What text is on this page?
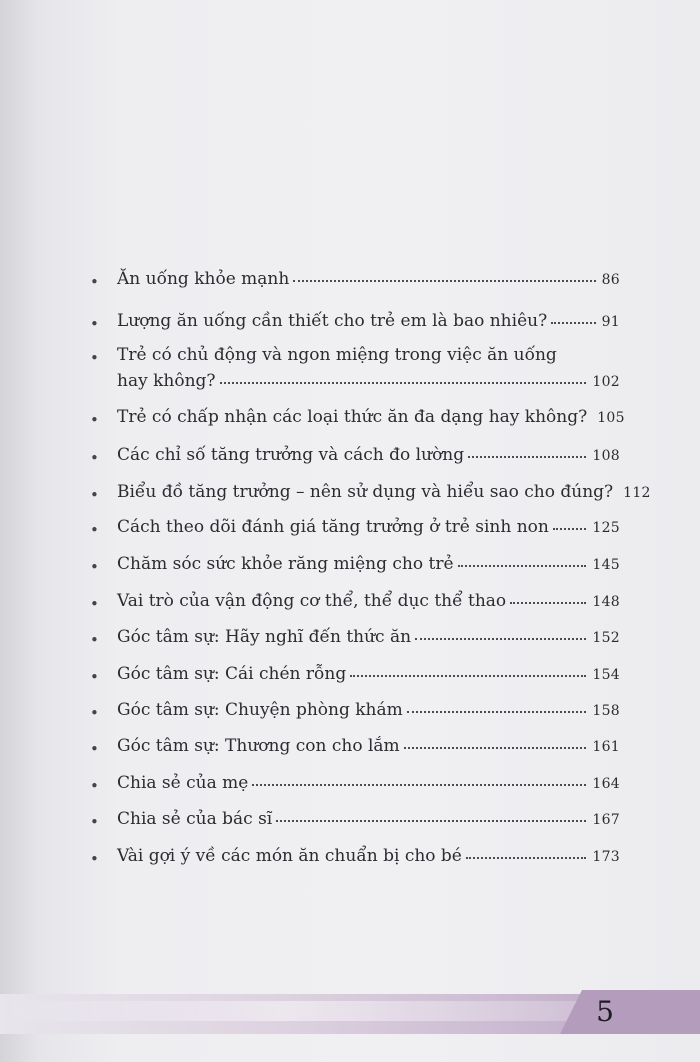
• Ăn uống khỏe mạnh	86
• Lượng ăn uống cần thiết cho trẻ em là bao nhiêu?	91
• Trẻ có chủ động và ngon miệng trong việc ăn uống
hay không?	102
• Trẻ có chấp nhận các loại thức ăn đa dạng hay không? 105
• Các chỉ số tăng trưởng và cách đo lường	108
• Biểu đồ tăng trưởng – nên sử dụng và hiểu sao cho đúng? 112
• Cách theo dõi đánh giá tăng trưởng ở trẻ sinh non	125
• Chăm sóc sức khỏe răng miệng cho trẻ	145
• Vai trò của vận động cơ thể, thể dục thể thao	148
• Góc tâm sự: Hãy nghĩ đến thức ăn	152
• Góc tâm sự: Cái chén rỗng	154
• Góc tâm sự: Chuyện phòng khám	158
• Góc tâm sự: Thương con cho lắm	161
• Chia sẻ của mẹ	164
• Chia sẻ của bác sĩ	167
• Vài gợi ý về các món ăn chuẩn bị cho bé	173
5
